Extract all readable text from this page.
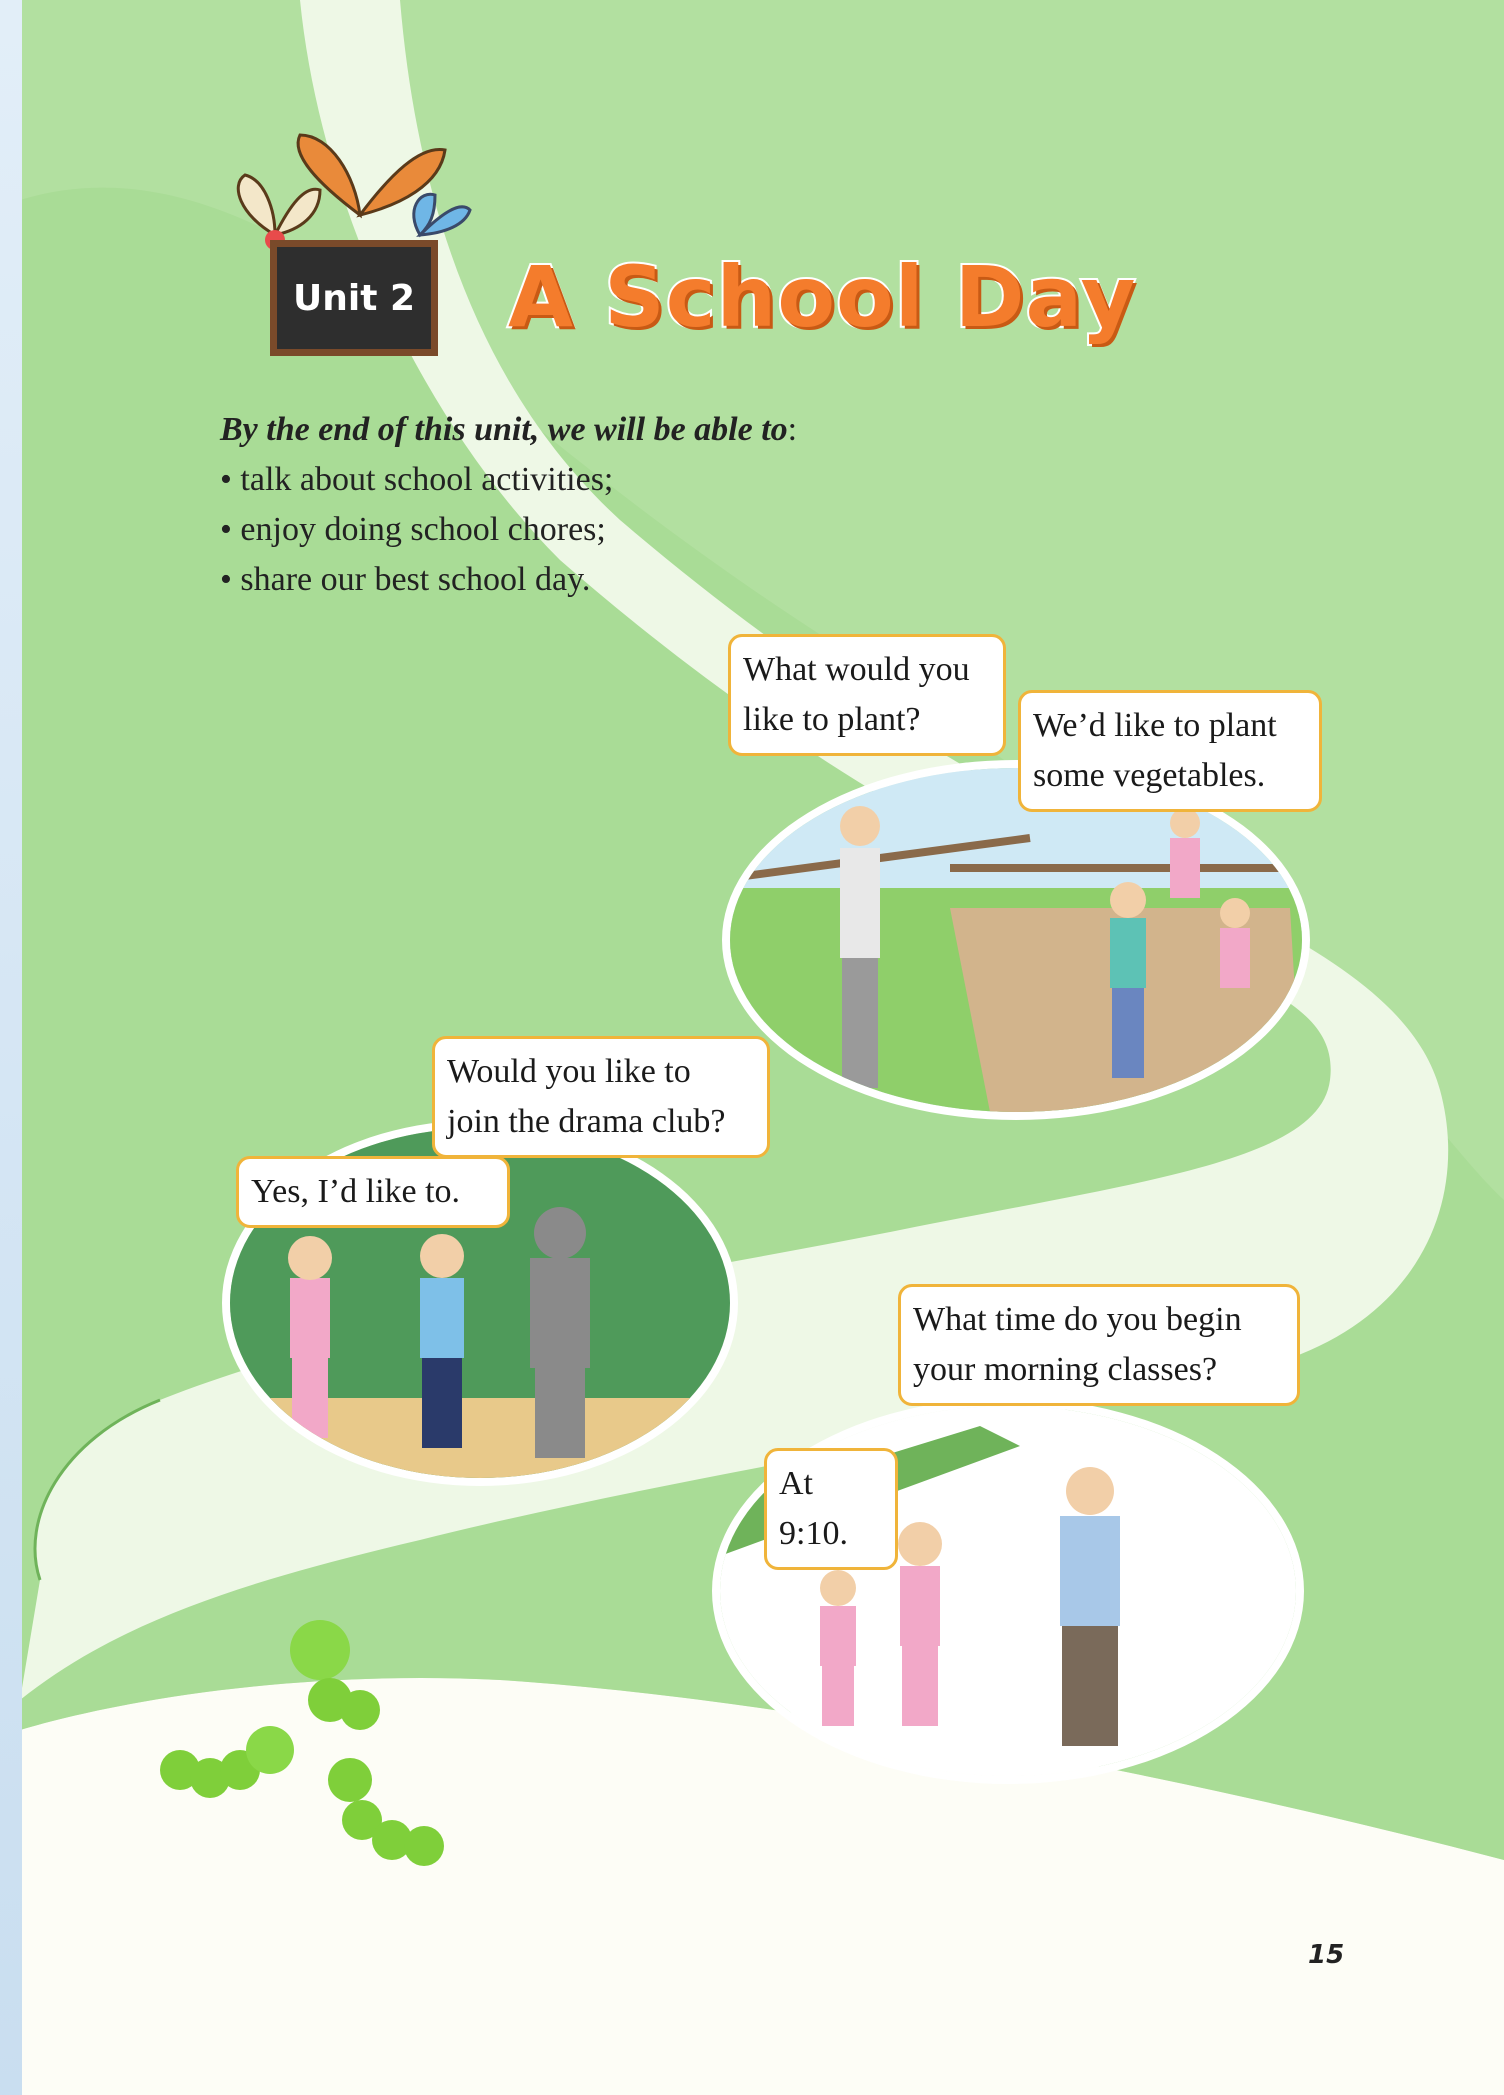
Unit 2 A School Day
By the end of this unit, we will be able to:
• talk about school activities;
• enjoy doing school chores;
• share our best school day.
What would you
like to plant?	We’d like to plant
some vegetables.
Would you like to
join the drama club?
Yes, I’d like to.
What time do you begin
your morning classes?
At 9:10.
15
